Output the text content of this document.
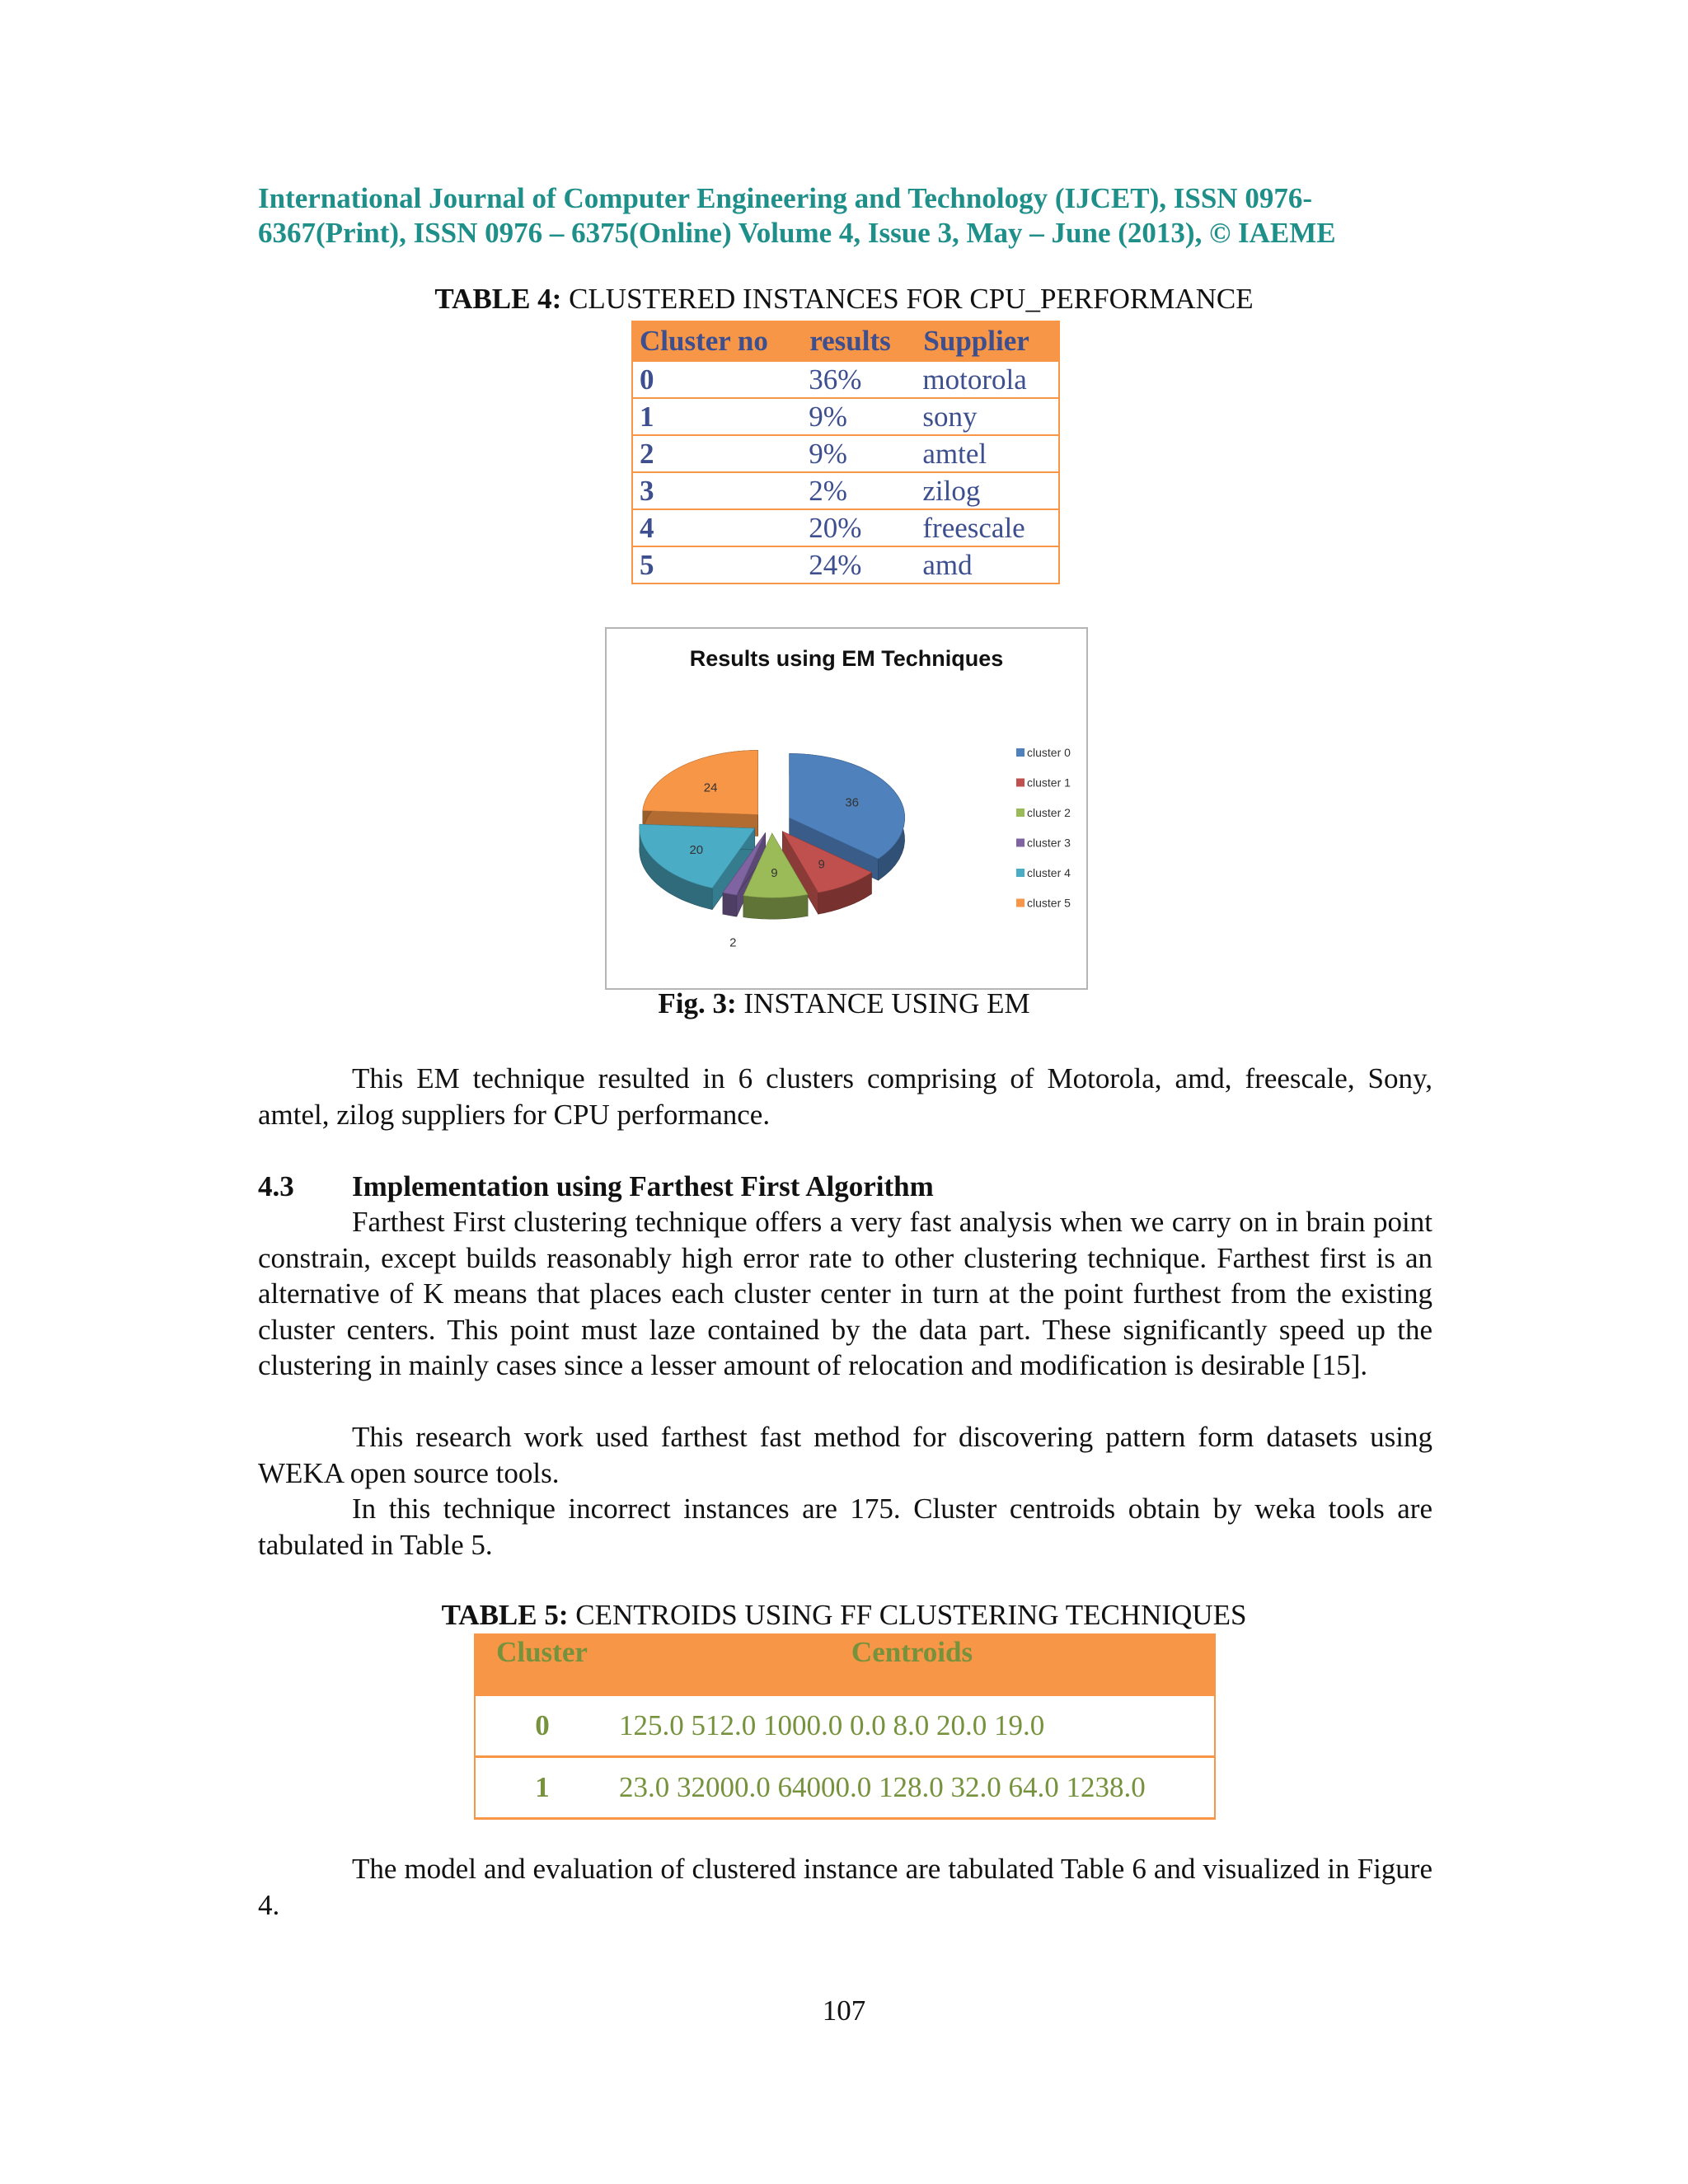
International Journal of Computer Engineering and Technology (IJCET), ISSN 0976-
6367(Print), ISSN 0976 – 6375(Online) Volume 4, Issue 3, May – June (2013), © IAEME
TABLE 4: CLUSTERED INSTANCES FOR CPU_PERFORMANCE
Cluster no	results	Supplier
0	36%	motorola
1	9%	sony
2	9%	amtel
3	2%	zilog
4	20%	freescale
5	24%	amd
Results using EM Techniques
24
36
20
9
2
9
cluster 0
cluster 1
cluster 2
cluster 3
cluster 4
cluster 5
Fig. 3: INSTANCE USING EM
This EM technique resulted in 6 clusters comprising of Motorola, amd, freescale, Sony, amtel, zilog suppliers for CPU performance.
4.3 Implementation using Farthest First Algorithm
Farthest First clustering technique offers a very fast analysis when we carry on in brain point constrain, except builds reasonably high error rate to other clustering technique. Farthest first is an alternative of K means that places each cluster center in turn at the point furthest from the existing cluster centers. This point must laze contained by the data part. These significantly speed up the clustering in mainly cases since a lesser amount of relocation and modification is desirable [15].
This research work used farthest fast method for discovering pattern form datasets using WEKA open source tools.
In this technique incorrect instances are 175. Cluster centroids obtain by weka tools are tabulated in Table 5.
TABLE 5: CENTROIDS USING FF CLUSTERING TECHNIQUES
Cluster	Centroids
0	125.0 512.0 1000.0 0.0 8.0 20.0 19.0
1	23.0 32000.0 64000.0 128.0 32.0 64.0 1238.0
The model and evaluation of clustered instance are tabulated Table 6 and visualized in Figure 4.
107
